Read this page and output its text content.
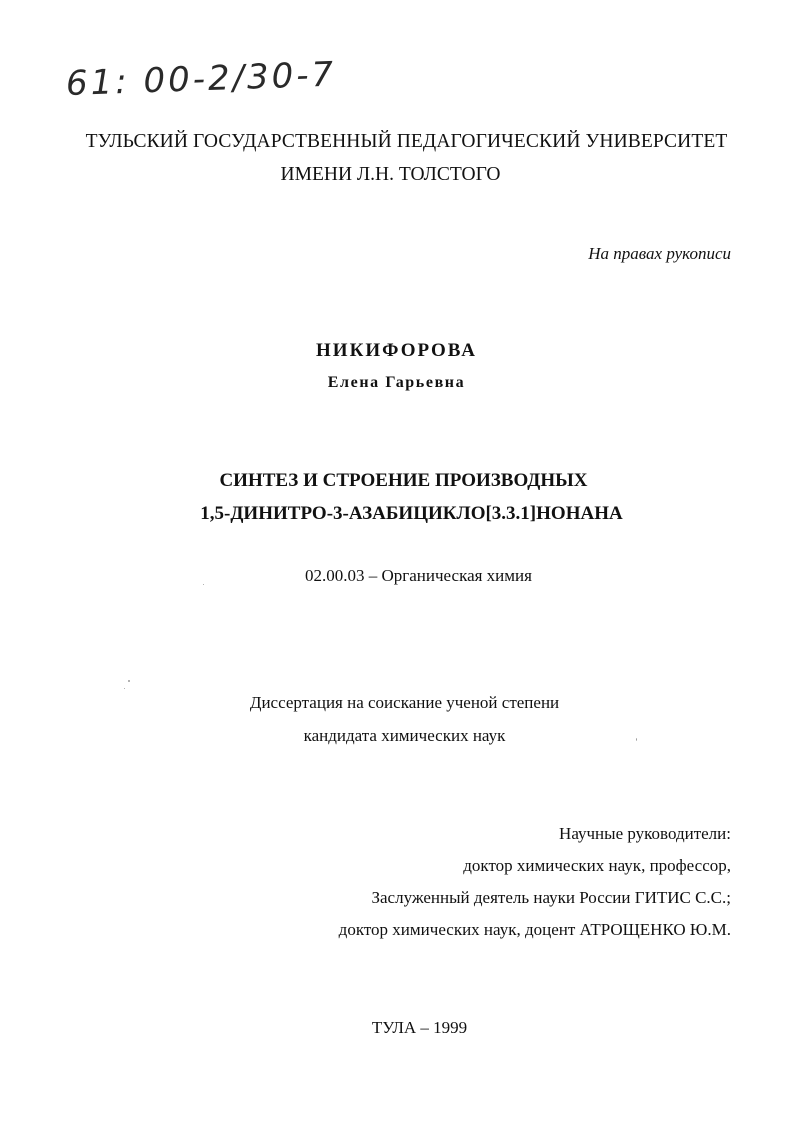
61: 00-2/30-7
ТУЛЬСКИЙ ГОСУДАРСТВЕННЫЙ ПЕДАГОГИЧЕСКИЙ УНИВЕРСИТЕТ
ИМЕНИ Л.Н. ТОЛСТОГО
На правах рукописи
НИКИФОРОВА
Елена Гарьевна
СИНТЕЗ И СТРОЕНИЕ ПРОИЗВОДНЫХ
1,5-ДИНИТРО-3-АЗАБИЦИКЛО[3.3.1]НОНАНА
02.00.03 – Органическая химия
Диссертация на соискание ученой степени
кандидата химических наук
Научные руководители:
доктор химических наук, профессор,
Заслуженный деятель науки России ГИТИС С.С.;
доктор химических наук, доцент АТРОЩЕНКО Ю.М.
ТУЛА – 1999
